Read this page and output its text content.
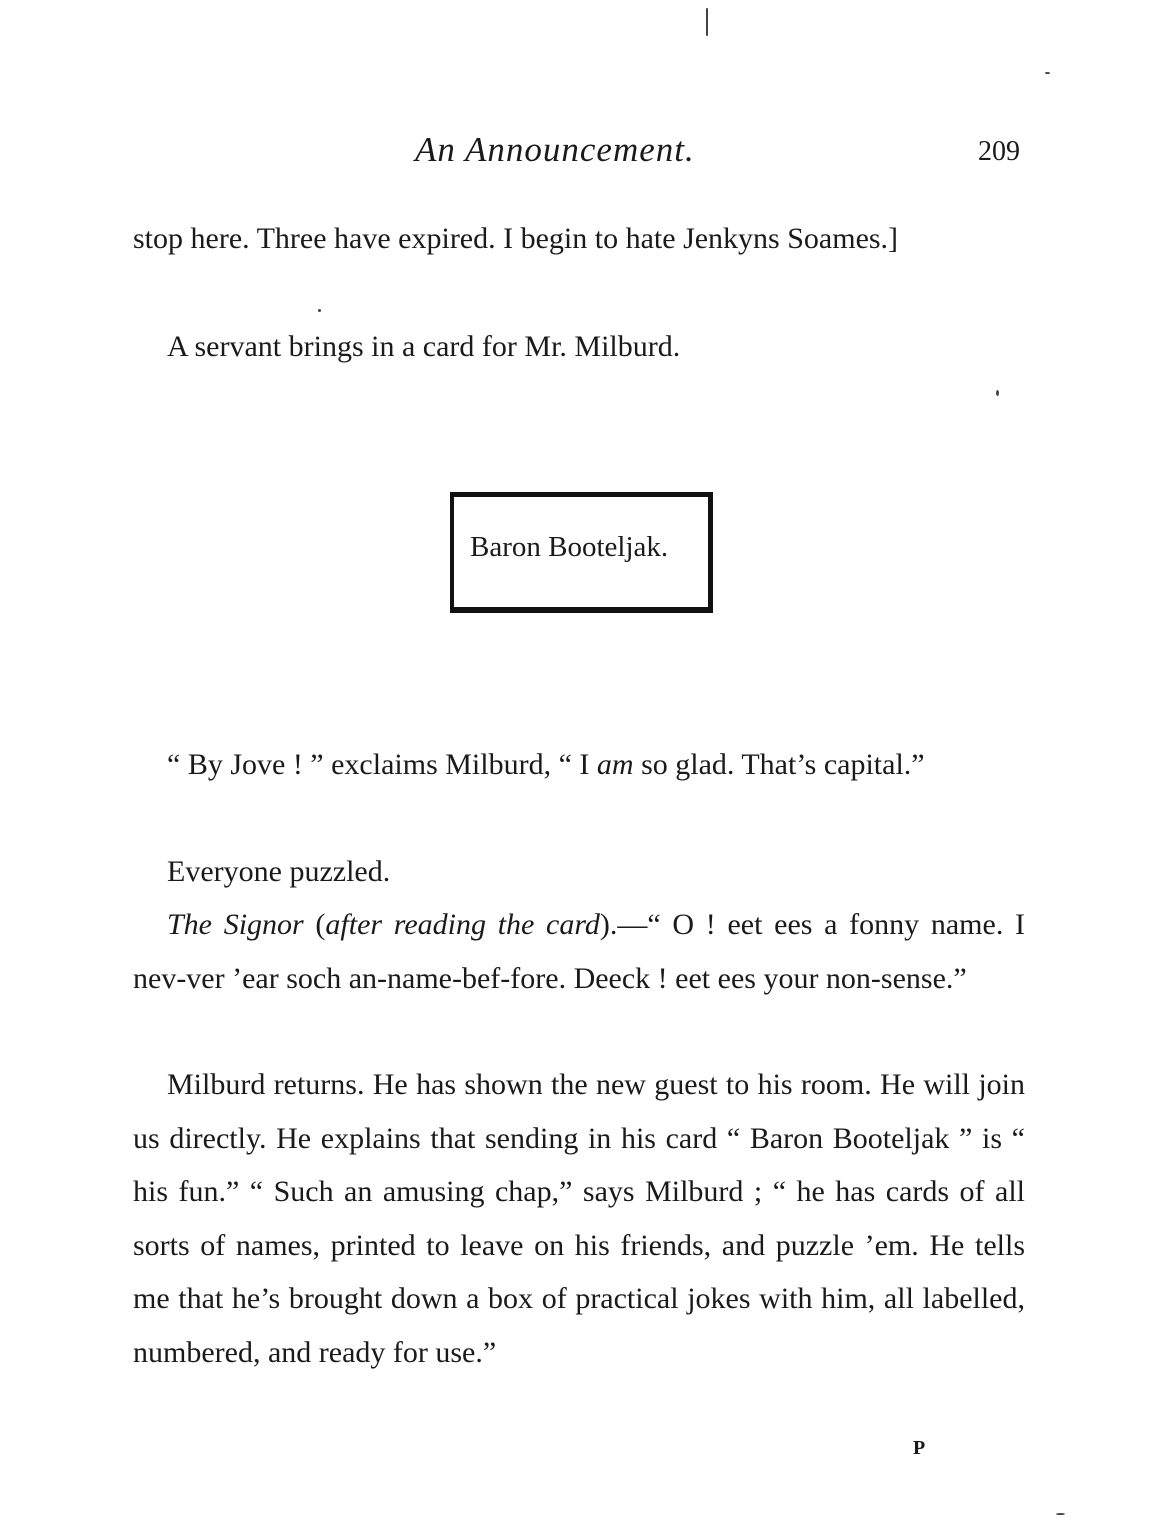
An Announcement.	209

stop here. Three have expired. I begin to hate Jenkyns Soames.]

A servant brings in a card for Mr. Milburd.

Baron Booteljak.

“ By Jove ! ” exclaims Milburd, “ I am so glad. That’s capital.”

Everyone puzzled.

The Signor (after reading the card).—“ O ! eet ees a fonny name. I nev-ver ’ear soch an-name-bef-fore. Deeck ! eet ees your non-sense.”

Milburd returns. He has shown the new guest to his room. He will join us directly. He explains that sending in his card “ Baron Booteljak ” is “ his fun.” “ Such an amusing chap,” says Milburd ; “ he has cards of all sorts of names, printed to leave on his friends, and puzzle ’em. He tells me that he’s brought down a box of practical jokes with him, all labelled, numbered, and ready for use.”

P
